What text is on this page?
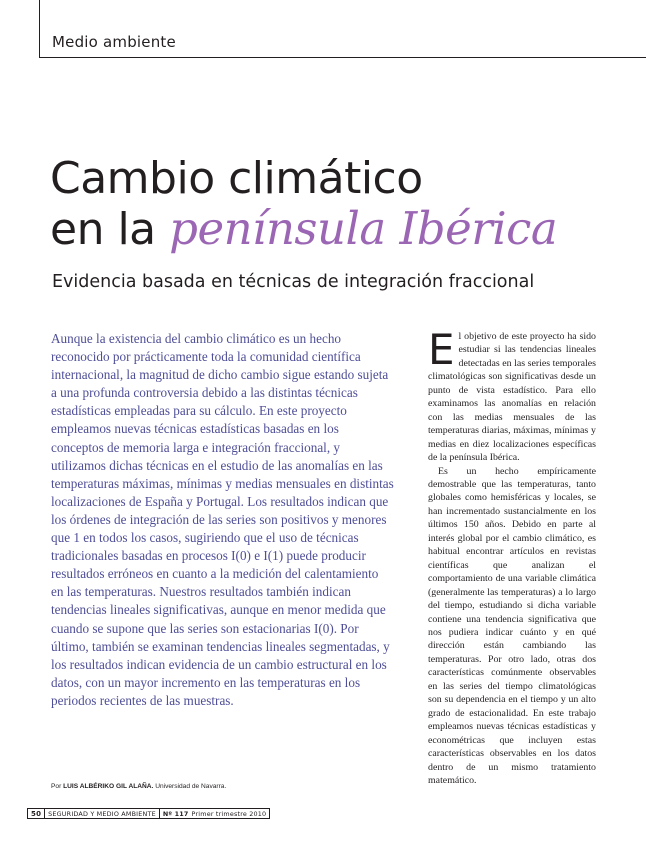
Medio ambiente
Cambio climático
en la península Ibérica
Evidencia basada en técnicas de integración fraccional

Aunque la existencia del cambio climático es un hecho reconocido por prácticamente toda la comunidad científica internacional, la magnitud de dicho cambio sigue estando sujeta a una profunda controversia debido a las distintas técnicas estadísticas empleadas para su cálculo. En este proyecto empleamos nuevas técnicas estadísticas basadas en los conceptos de memoria larga e integración fraccional, y utilizamos dichas técnicas en el estudio de las anomalías en las temperaturas máximas, mínimas y medias mensuales en distintas localizaciones de España y Portugal. Los resultados indican que los órdenes de integración de las series son positivos y menores que 1 en todos los casos, sugiriendo que el uso de técnicas tradicionales basadas en procesos I(0) e I(1) puede producir resultados erróneos en cuanto a la medición del calentamiento en las temperaturas. Nuestros resultados también indican tendencias lineales significativas, aunque en menor medida que cuando se supone que las series son estacionarias I(0). Por último, también se examinan tendencias lineales segmentadas, y los resultados indican evidencia de un cambio estructural en los datos, con un mayor incremento en las temperaturas en los periodos recientes de las muestras.

El objetivo de este proyecto ha sido estudiar si las tendencias lineales detectadas en las series temporales climatológicas son significativas desde un punto de vista estadístico. Para ello examinamos las anomalías en relación con las medias mensuales de las temperaturas diarias, máximas, mínimas y medias en diez localizaciones específicas de la península Ibérica.

Es un hecho empíricamente demostrable que las temperaturas, tanto globales como hemisféricas y locales, se han incrementado sustancialmente en los últimos 150 años. Debido en parte al interés global por el cambio climático, es habitual encontrar artículos en revistas científicas que analizan el comportamiento de una variable climática (generalmente las temperaturas) a lo largo del tiempo, estudiando si dicha variable contiene una tendencia significativa que nos pudiera indicar cuánto y en qué dirección están cambiando las temperaturas. Por otro lado, otras dos características comúnmente observables en las series del tiempo climatológicas son su dependencia en el tiempo y un alto grado de estacionalidad. En este trabajo empleamos nuevas técnicas estadísticas y econométricas que incluyen estas características observables en los datos dentro de un mismo tratamiento matemático.

Por LUIS ALBÉRIKO GIL ALAÑA. Universidad de Navarra.
50	SEGURIDAD Y MEDIO AMBIENTE	Nº 117 Primer trimestre 2010
